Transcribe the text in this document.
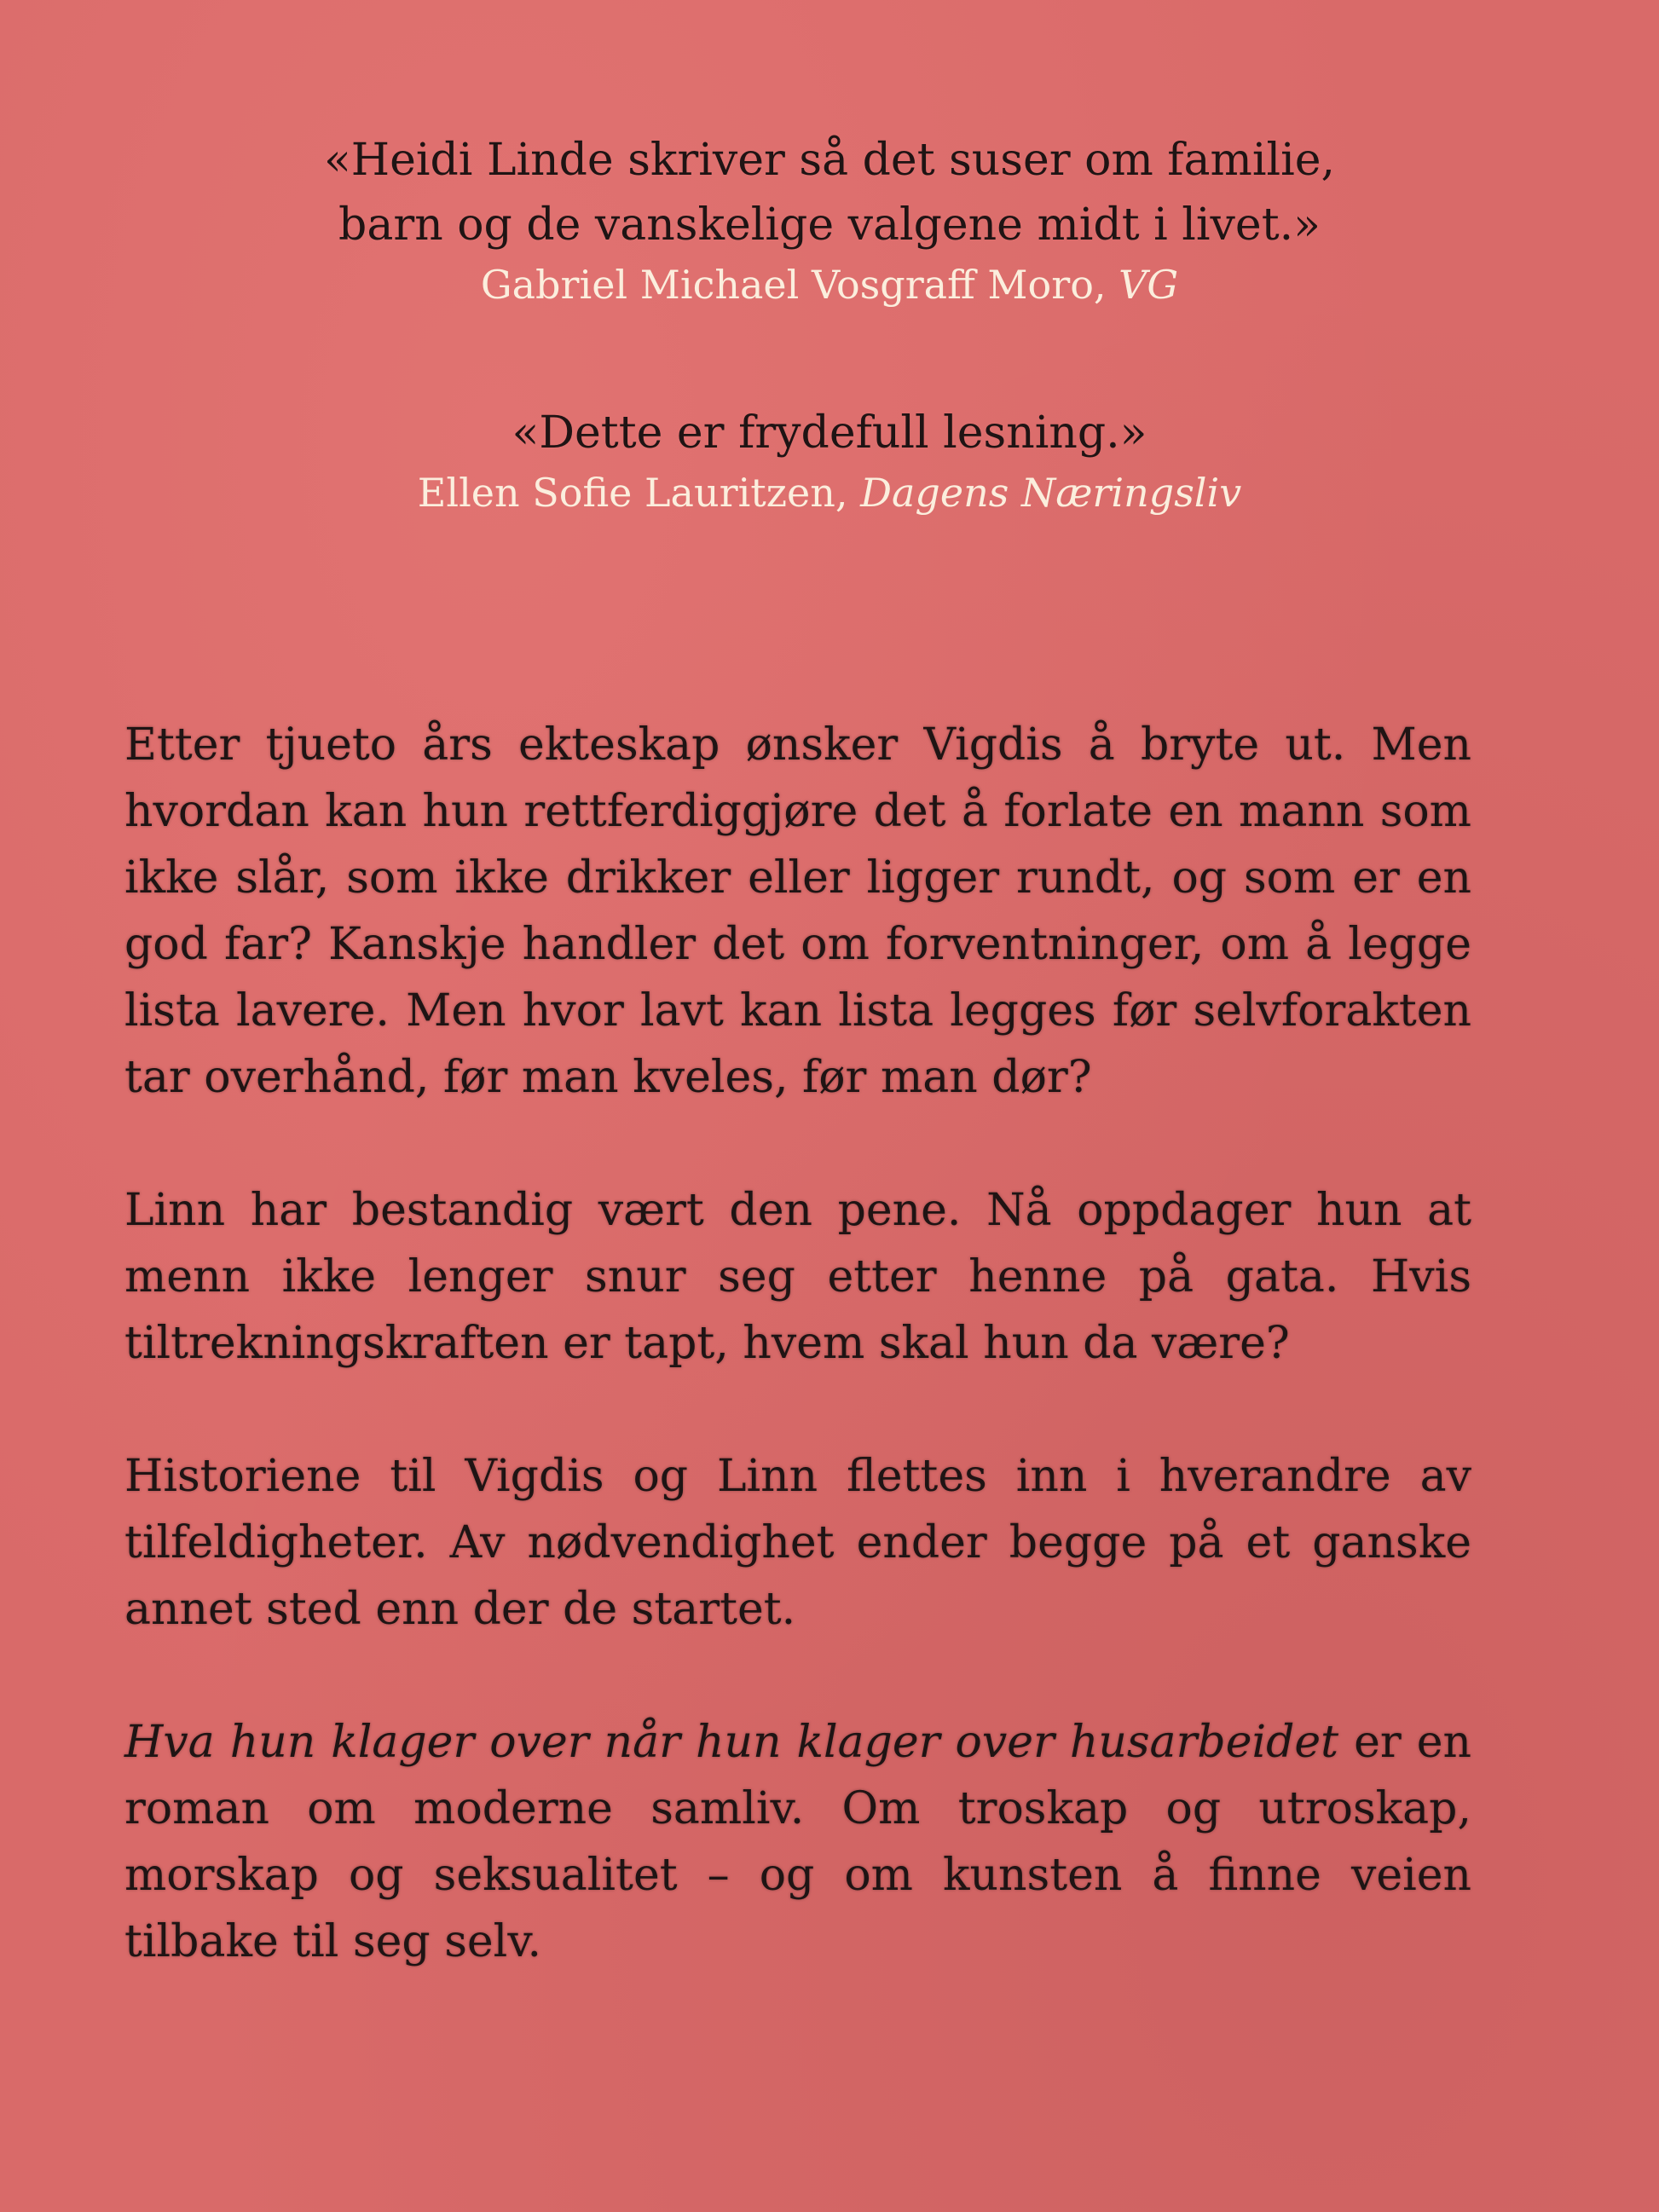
«Heidi Linde skriver så det suser om familie,
barn og de vanskelige valgene midt i livet.»

Gabriel Michael Vosgraff Moro, VG

«Dette er frydefull lesning.»

Ellen Sofie Lauritzen, Dagens Næringsliv

Etter tjueto års ekteskap ønsker Vigdis å bryte ut. Men hvordan kan hun rettferdiggjøre det å forlate en mann som ikke slår, som ikke drikker eller ligger rundt, og som er en god far? Kanskje handler det om forventninger, om å legge lista lavere. Men hvor lavt kan lista legges før selvforakten tar overhånd, før man kveles, før man dør?

Linn har bestandig vært den pene. Nå oppdager hun at menn ikke lenger snur seg etter henne på gata. Hvis tiltrekningskraften er tapt, hvem skal hun da være?

Historiene til Vigdis og Linn flettes inn i hverandre av tilfeldigheter. Av nødvendighet ender begge på et ganske annet sted enn der de startet.

Hva hun klager over når hun klager over husarbeidet er en roman om moderne samliv. Om troskap og utroskap, morskap og seksualitet – og om kunsten å finne veien tilbake til seg selv.
